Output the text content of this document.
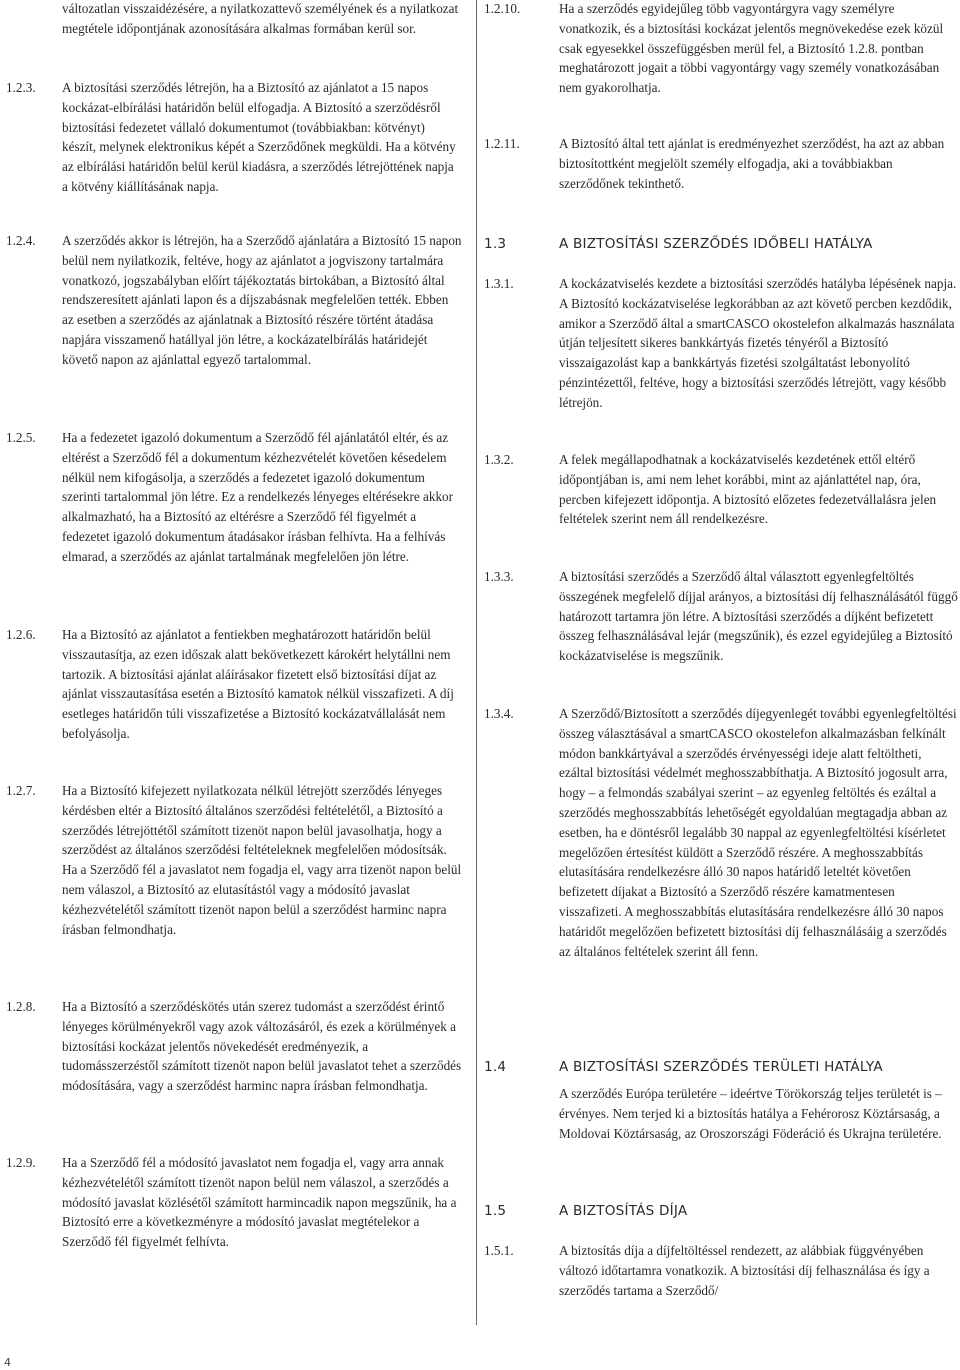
változatlan visszaidézésére, a nyilatkozattevő személyének és a nyilatkozat megtétele időpontjának azonosítására alkalmas formában kerül sor.

1.2.3. A biztosítási szerződés létrejön, ha a Biztosító az ajánlatot a 15 napos kockázat-elbírálási határidőn belül elfogadja. A Biztosító a szerződésről biztosítási fedezetet vállaló dokumentumot (továbbiakban: kötvényt) készít, melynek elektronikus képét a Szerződőnek megküldi. Ha a kötvény az elbírálási határidőn belül kerül kiadásra, a szerződés létrejöttének napja a kötvény kiállításának napja.

1.2.4. A szerződés akkor is létrejön, ha a Szerződő ajánlatára a Biztosító 15 napon belül nem nyilatkozik, feltéve, hogy az ajánlatot a jogviszony tartalmára vonatkozó, jogszabályban előírt tájékoztatás birtokában, a Biztosító által rendszeresített ajánlati lapon és a díjszabásnak megfelelően tették. Ebben az esetben a szerződés az ajánlatnak a Biztosító részére történt átadása napjára visszamenő hatállyal jön létre, a kockázatelbírálás határidejét követő napon az ajánlattal egyező tartalommal.

1.2.5. Ha a fedezetet igazoló dokumentum a Szerződő fél ajánlatától eltér, és az eltérést a Szerződő fél a dokumentum kézhezvételét követően késedelem nélkül nem kifogásolja, a szerződés a fedezetet igazoló dokumentum szerinti tartalommal jön létre. Ez a rendelkezés lényeges eltérésekre akkor alkalmazható, ha a Biztosító az eltérésre a Szerződő fél figyelmét a fedezetet igazoló dokumentum átadásakor írásban felhívta. Ha a felhívás elmarad, a szerződés az ajánlat tartalmának megfelelően jön létre.

1.2.6. Ha a Biztosító az ajánlatot a fentiekben meghatározott határidőn belül visszautasítja, az ezen időszak alatt bekövetkezett károkért helytállni nem tartozik. A biztosítási ajánlat aláírásakor fizetett első biztosítási díjat az ajánlat visszautasítása esetén a Biztosító kamatok nélkül visszafizeti. A díj esetleges határidőn túli visszafizetése a Biztosító kockázatvállalását nem befolyásolja.

1.2.7. Ha a Biztosító kifejezett nyilatkozata nélkül létrejött szerződés lényeges kérdésben eltér a Biztosító általános szerződési feltételétől, a Biztosító a szerződés létrejöttétől számított tizenöt napon belül javasolhatja, hogy a szerződést az általános szerződési feltételeknek megfelelően módosítsák. Ha a Szerződő fél a javaslatot nem fogadja el, vagy arra tizenöt napon belül nem válaszol, a Biztosító az elutasítástól vagy a módosító javaslat kézhezvételétől számított tizenöt napon belül a szerződést harminc napra írásban felmondhatja.

1.2.8. Ha a Biztosító a szerződéskötés után szerez tudomást a szerződést érintő lényeges körülményekről vagy azok változásáról, és ezek a körülmények a biztosítási kockázat jelentős növekedését eredményezik, a tudomásszerzéstől számított tizenöt napon belül javaslatot tehet a szerződés módosítására, vagy a szerződést harminc napra írásban felmondhatja.

1.2.9. Ha a Szerződő fél a módosító javaslatot nem fogadja el, vagy arra annak kézhezvételétől számított tizenöt napon belül nem válaszol, a szerződés a módosító javaslat közlésétől számított harmincadik napon megszűnik, ha a Biztosító erre a következményre a módosító javaslat megtételekor a Szerződő fél figyelmét felhívta.

1.2.10.	Ha a szerződés egyidejűleg több vagyontárgyra vagy személyre vonatkozik, és a biztosítási kockázat jelentős megnövekedése ezek közül csak egyesekkel összefüggésben merül fel, a Biztosító 1.2.8. pontban meghatározott jogait a többi vagyontárgy vagy személy vonatkozásában nem gyakorolhatja.

1.2.11.	A Biztosító által tett ajánlat is eredményezhet szerződést, ha azt az abban biztosítottként megjelölt személy elfogadja, aki a továbbiakban szerződőnek tekinthető.

1.3	A BIZTOSÍTÁSI SZERZŐDÉS IDŐBELI HATÁLYA
1.3.1.	A kockázatviselés kezdete a biztosítási szerződés hatályba lépésének napja. A Biztosító kockázatviselése legkorábban az azt követő percben kezdődik, amikor a Szerződő által a smartCASCO okostelefon alkalmazás használata útján teljesített sikeres bankkártyás fizetés tényéről a Biztosító visszaigazolást kap a bankkártyás fizetési szolgáltatást lebonyolító pénzintézettől, feltéve, hogy a biztosítási szerződés létrejött, vagy később létrejön.

1.3.2.	A felek megállapodhatnak a kockázatviselés kezdetének ettől eltérő időpontjában is, ami nem lehet korábbi, mint az ajánlattétel nap, óra, percben kifejezett időpontja. A biztosító előzetes fedezetvállalásra jelen feltételek szerint nem áll rendelkezésre.

1.3.3.	A biztosítási szerződés a Szerződő által választott egyenlegfeltöltés összegének megfelelő díjjal arányos, a biztosítási díj felhasználásától függő határozott tartamra jön létre. A biztosítási szerződés a díjként befizetett összeg felhasználásával lejár (megszűnik), és ezzel egyidejűleg a Biztosító kockázatviselése is megszűnik.

1.3.4.	A Szerződő/Biztosított a szerződés díjegyenlegét további egyenlegfeltöltési összeg választásával a smartCASCO okostelefon alkalmazásban felkínált módon bankkártyával a szerződés érvényességi ideje alatt feltöltheti, ezáltal biztosítási védelmét meghosszabbíthatja. A Biztosító jogosult arra, hogy – a felmondás szabályai szerint – az egyenleg feltöltés és ezáltal a szerződés meghosszabbítás lehetőségét egyoldalúan megtagadja abban az esetben, ha e döntésről legalább 30 nappal az egyenlegfeltöltési kísérletet megelőzően értesítést küldött a Szerződő részére. A meghosszabbítás elutasítására rendelkezésre álló 30 napos határidő leteltét követően befizetett díjakat a Biztosító a Szerződő részére kamatmentesen visszafizeti. A meghosszabbítás elutasítására rendelkezésre álló 30 napos határidőt megelőzően befizetett biztosítási díj felhasználásáig a szerződés az általános feltételek szerint áll fenn.

1.4	A BIZTOSÍTÁSI SZERZŐDÉS TERÜLETI HATÁLYA

A szerződés Európa területére – ideértve Törökország teljes területét is – érvényes. Nem terjed ki a biztosítás hatálya a Fehérorosz Köztársaság, a Moldovai Köztársaság, az Oroszországi Föderáció és Ukrajna területére.

1.5	A BIZTOSÍTÁS DÍJA
1.5.1.	A biztosítás díja a díjfeltöltéssel rendezett, az alábbiak függvényében változó időtartamra vonatkozik. A biztosítási díj felhasználása és így a szerződés tartama a Szerződő/

4
